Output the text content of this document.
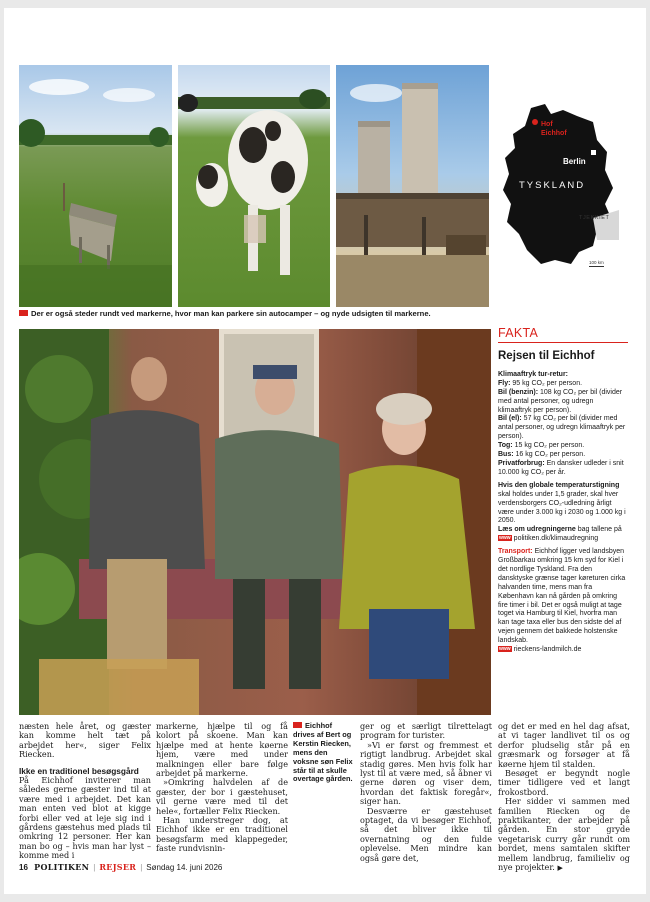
Hof
Eichhof
Berlin
TYSKLAND
TJEKKIET
100 km
Der er også steder rundt ved markerne, hvor man kan parkere sin autocamper – og nyde udsigten til markerne.
FAKTA
Rejsen til Eichhof

Klimaaftryk tur-retur:
Fly: 95 kg CO₂ per person.
Bil (benzin): 108 kg CO₂ per bil (divider med antal personer, og udregn klimaaftryk per person).
Bil (el): 57 kg CO₂ per bil (divider med antal personer, og udregn klimaaftryk per person).
Tog: 15 kg CO₂ per person.
Bus: 16 kg CO₂ per person.
Privatforbrug: En dansker udleder i snit 10.000 kg CO₂ per år.

Hvis den globale temperaturstigning skal holdes under 1,5 grader, skal hver verdensborgers CO₂-udledning årligt være under 3.000 kg i 2030 og 1.000 kg i 2050.
Læs om udregningerne bag tallene på
www politiken.dk/klimaudregning

Transport: Eichhof ligger ved landsbyen Großbarkau omkring 15 km syd for Kiel i det nordlige Tyskland. Fra den dansktyske grænse tager køreturen cirka halvanden time, mens man fra København kan nå gården på omkring fire timer i bil. Det er også muligt at tage toget via Hamburg til Kiel, hvorfra man kan tage taxa eller bus den sidste del af vejen gennem det bakkede holstenske landskab.
www rieckens-landmilch.de

næsten hele året, og gæster kan komme helt tæt på arbejdet her«, siger Felix Riecken.

Ikke en traditionel besøgsgård

På Eichhof inviterer man således gerne gæster ind til at være med i arbejdet. Det kan man enten ved blot at kigge forbi eller ved at leje sig ind i gårdens gæstehus med plads til omkring 12 personer. Her kan man bo og – hvis man har lyst – komme med i

markerne, hjælpe til og få kolort på skoene. Man kan hjælpe med at hente køerne hjem, være med under malkningen eller bare følge arbejdet på markerne.

»Omkring halvdelen af de gæster, der bor i gæstehuset, vil gerne være med til det hele«, fortæller Felix Riecken.

Han understreger dog, at Eichhof ikke er en traditionel besøgsfarm med klappegeder, faste rundvisnin-

Eichhof drives af Bert og Kerstin Riecken, mens den voksne søn Felix står til at skulle overtage gården.

ger og et særligt tilrettelagt program for turister.

»Vi er først og fremmest et rigtigt landbrug. Arbejdet skal stadig gøres. Men hvis folk har lyst til at være med, så åbner vi gerne døren og viser dem, hvordan det faktisk foregår«, siger han.

Desværre er gæstehuset optaget, da vi besøger Eichhof, så det bliver ikke til overnatning og den fulde oplevelse. Men mindre kan også gøre det,

og det er med en hel dag afsat, at vi tager landlivet til os og derfor pludselig står på en græsmark og forsøger at få køerne hjem til stalden.

Besøget er begyndt nogle timer tidligere ved et langt frokostbord.

Her sidder vi sammen med familien Riecken og de praktikanter, der arbejder på gården. En stor gryde vegetarisk curry går rundt om bordet, mens samtalen skifter mellem landbrug, familieliv og nye projekter. ▶

16 POLITIKEN | REJSER | Søndag 14. juni 2026
